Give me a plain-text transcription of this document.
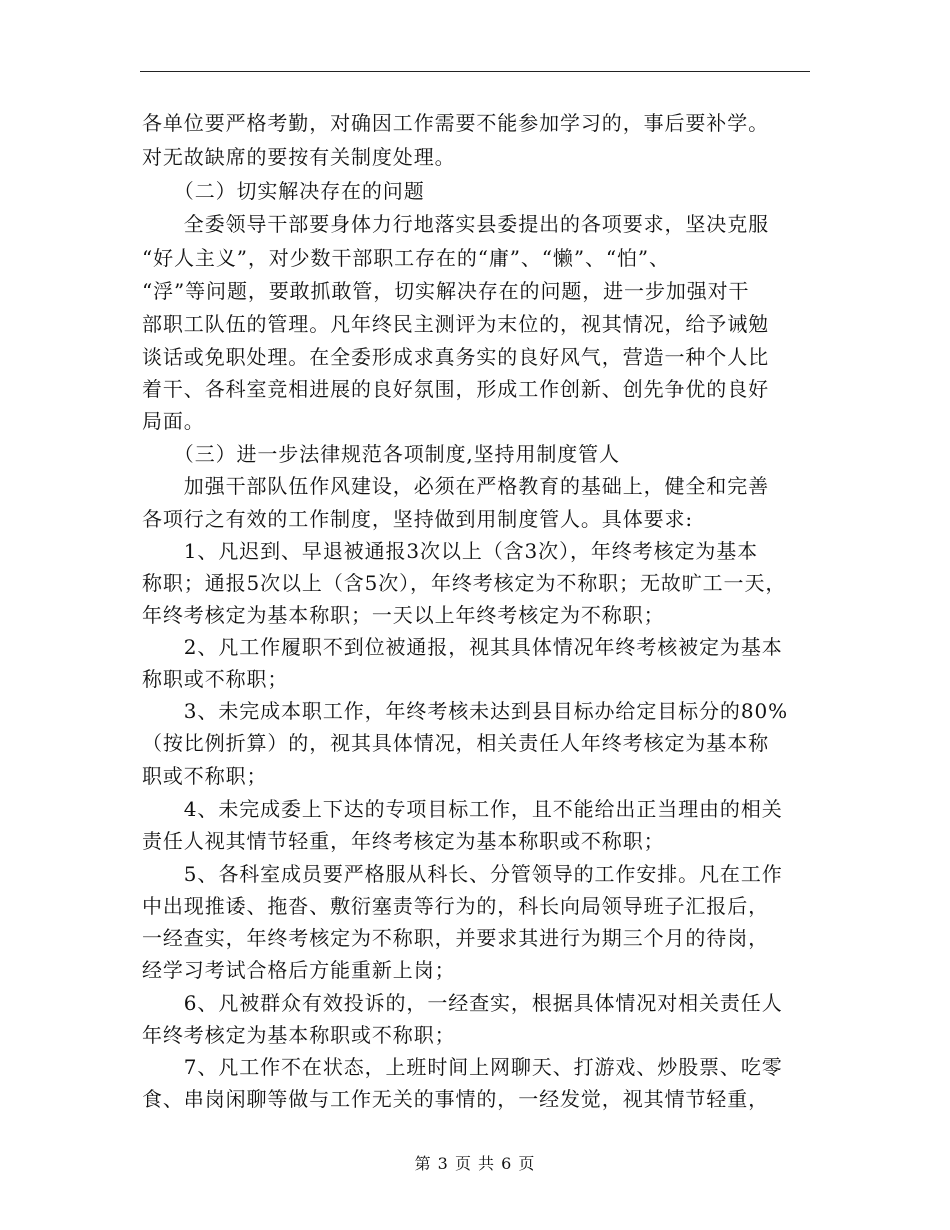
各单位要严格考勤，对确因工作需要不能参加学习的，事后要补学。
对无故缺席的要按有关制度处理。
　　（二）切实解决存在的问题
　　全委领导干部要身体力行地落实县委提出的各项要求，坚决克服
“好人主义”，对少数干部职工存在的“庸”、“懒”、“怕”、
“浮”等问题，要敢抓敢管，切实解决存在的问题，进一步加强对干
部职工队伍的管理。凡年终民主测评为末位的，视其情况，给予诫勉
谈话或免职处理。在全委形成求真务实的良好风气，营造一种个人比
着干、各科室竞相进展的良好氛围，形成工作创新、创先争优的良好
局面。
　　（三）进一步法律规范各项制度,坚持用制度管人
　　加强干部队伍作风建设，必须在严格教育的基础上，健全和完善
各项行之有效的工作制度，坚持做到用制度管人。具体要求:
　　1、凡迟到、早退被通报3次以上（含3次），年终考核定为基本
称职；通报5次以上（含5次），年终考核定为不称职；无故旷工一天，
年终考核定为基本称职；一天以上年终考核定为不称职；
　　2、凡工作履职不到位被通报，视其具体情况年终考核被定为基本
称职或不称职；
　　3、未完成本职工作，年终考核未达到县目标办给定目标分的80%
（按比例折算）的，视其具体情况，相关责任人年终考核定为基本称
职或不称职；
　　4、未完成委上下达的专项目标工作，且不能给出正当理由的相关
责任人视其情节轻重，年终考核定为基本称职或不称职；
　　5、各科室成员要严格服从科长、分管领导的工作安排。凡在工作
中出现推诿、拖沓、敷衍塞责等行为的，科长向局领导班子汇报后，
一经查实，年终考核定为不称职，并要求其进行为期三个月的待岗，
经学习考试合格后方能重新上岗；
　　6、凡被群众有效投诉的，一经查实，根据具体情况对相关责任人
年终考核定为基本称职或不称职；
　　7、凡工作不在状态，上班时间上网聊天、打游戏、炒股票、吃零
食、串岗闲聊等做与工作无关的事情的，一经发觉，视其情节轻重，
第 3 页 共 6 页
